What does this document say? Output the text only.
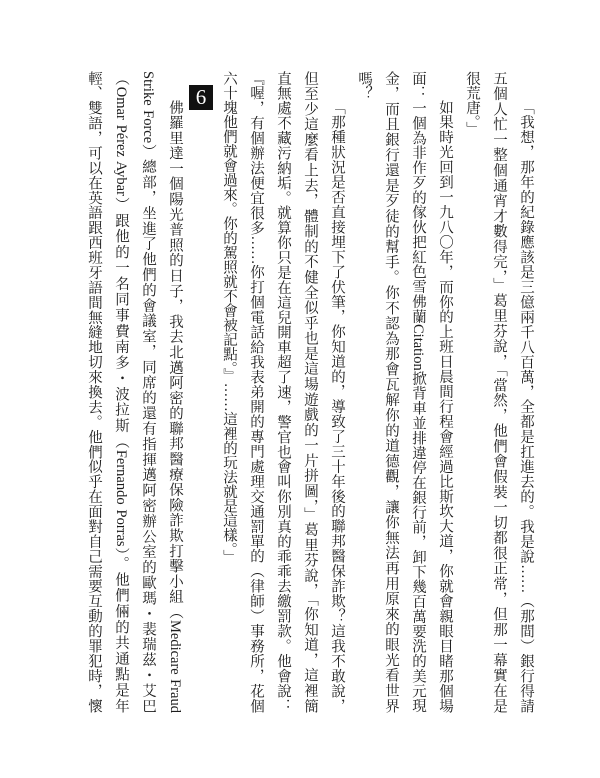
「我想，那年的紀錄應該是三億兩千八百萬，全都是扛進去的。我是說……（那間）銀行得請
五個人忙一整個通宵才數得完，」葛里芬說，「當然，他們會假裝一切都很正常，但那一幕實在是
很荒唐。」
如果時光回到一九八〇年，而你的上班日晨間行程會經過比斯坎大道，你就會親眼目睹那個場
面：一個為非作歹的傢伙把紅色雪佛蘭Citation掀背車並排違停在銀行前，卸下幾百萬要洗的美元現
金，而且銀行還是歹徒的幫手。你不認為那會瓦解你的道德觀，讓你無法再用原來的眼光看世界
嗎？
「那種狀況是否直接埋下了伏筆，你知道的，導致了三十年後的聯邦醫保詐欺？這我不敢說，
但至少這麼看上去，體制的不健全似乎也是這場遊戲的一片拼圖，」葛里芬說，「你知道，這裡簡
直無處不藏污納垢。就算你只是在這兒開車超了速，警官也會叫你別真的乖乖去繳罰款。他會說：
『喔，有個辦法便宜很多……你打個電話給我表弟開的專門處理交通罰單的（律師）事務所，花個
六十塊他們就會過來。你的駕照就不會被記點。』……這裡的玩法就是這樣。」
6
佛羅里達一個陽光普照的日子，我去北邁阿密的聯邦醫療保險詐欺打擊小組（Medicare Fraud
Strike Force）總部，坐進了他們的會議室，同席的還有指揮邁阿密辦公室的歐瑪・裴瑞茲・艾巴
（Omar Pérez Aybar）跟他的一名同事費南多・波拉斯（Fernando Porras）。他們倆的共通點是年
輕、雙語，可以在英語跟西班牙語間無縫地切來換去。他們似乎在面對自己需要互動的罪犯時，懷
